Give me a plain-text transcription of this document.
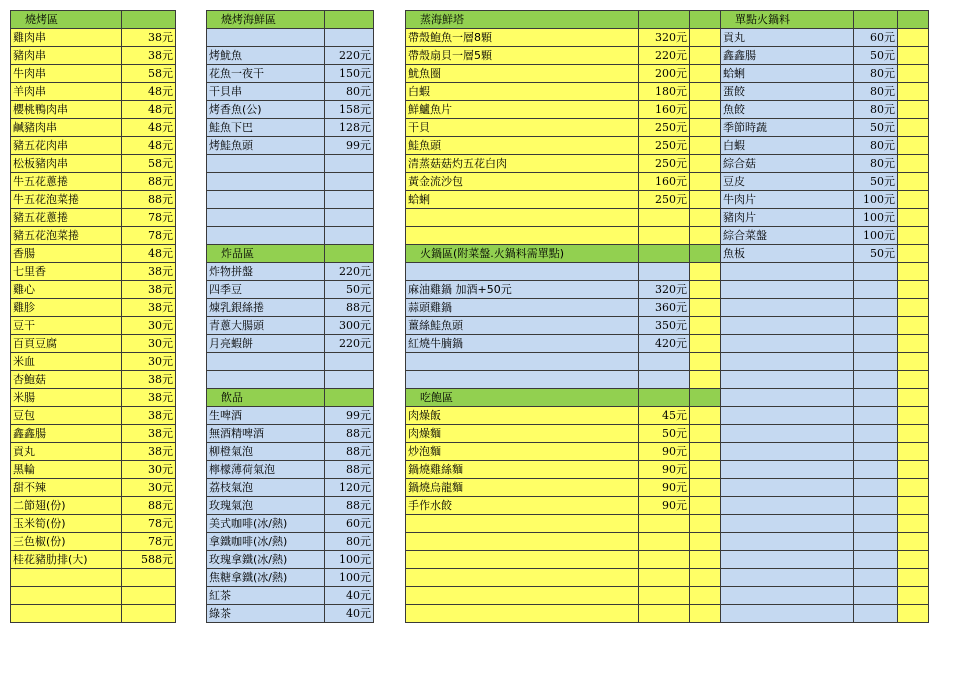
燒烤區			燒烤海鮮區			蒸海鮮塔			單點火鍋料			
雞肉串	38元					帶殼鮑魚一層8顆	320元		貢丸	60元		
豬肉串	38元		烤魷魚	220元		帶殼扇貝一層5顆	220元		鑫鑫腸	50元		
牛肉串	58元		花魚一夜干	150元		魷魚圈	200元		蛤蜊	80元		
羊肉串	48元		干貝串	80元		白蝦	180元		蛋餃	80元		
櫻桃鴨肉串	48元		烤香魚(公)	158元		鮮鱸魚片	160元		魚餃	80元		
鹹豬肉串	48元		鮭魚下巴	128元		干貝	250元		季節時蔬	50元		
豬五花肉串	48元		烤鮭魚頭	99元		鮭魚頭	250元		白蝦	80元		
松板豬肉串	58元					清蒸菇菇灼五花白肉	250元		綜合菇	80元		
牛五花蔥捲	88元					黃金流沙包	160元		豆皮	50元		
牛五花泡菜捲	88元					蛤蜊	250元		牛肉片	100元		
豬五花蔥捲	78元								豬肉片	100元		
豬五花泡菜捲	78元								綜合菜盤	100元		
香腸	48元		炸品區			火鍋區(附菜盤.火鍋料需單點)			魚板	50元		
七里香	38元		炸物拼盤	220元								
雞心	38元		四季豆	50元		麻油雞鍋 加酒+50元	320元					
雞胗	38元		煉乳銀絲捲	88元		蒜頭雞鍋	360元					
豆干	30元		青蔥大腸頭	300元		薑絲鮭魚頭	350元					
百頁豆腐	30元		月亮蝦餅	220元		紅燒牛腩鍋	420元					
米血	30元											
杏鮑菇	38元											
米腸	38元		飲品			吃飽區						
豆包	38元		生啤酒	99元		肉燥飯	45元					
鑫鑫腸	38元		無酒精啤酒	88元		肉燥麵	50元					
貢丸	38元		柳橙氣泡	88元		炒泡麵	90元					
黑輪	30元		檸檬薄荷氣泡	88元		鍋燒雞絲麵	90元					
甜不辣	30元		荔枝氣泡	120元		鍋燒烏龍麵	90元					
二節翅(份)	88元		玫瑰氣泡	88元		手作水餃	90元					
玉米筍(份)	78元		美式咖啡(冰/熱)	60元								
三色椒(份)	78元		拿鐵咖啡(冰/熱)	80元								
桂花豬肋排(大)	588元		玫瑰拿鐵(冰/熱)	100元								
			焦糖拿鐵(冰/熱)	100元								
			紅茶	40元								
			綠茶	40元								
